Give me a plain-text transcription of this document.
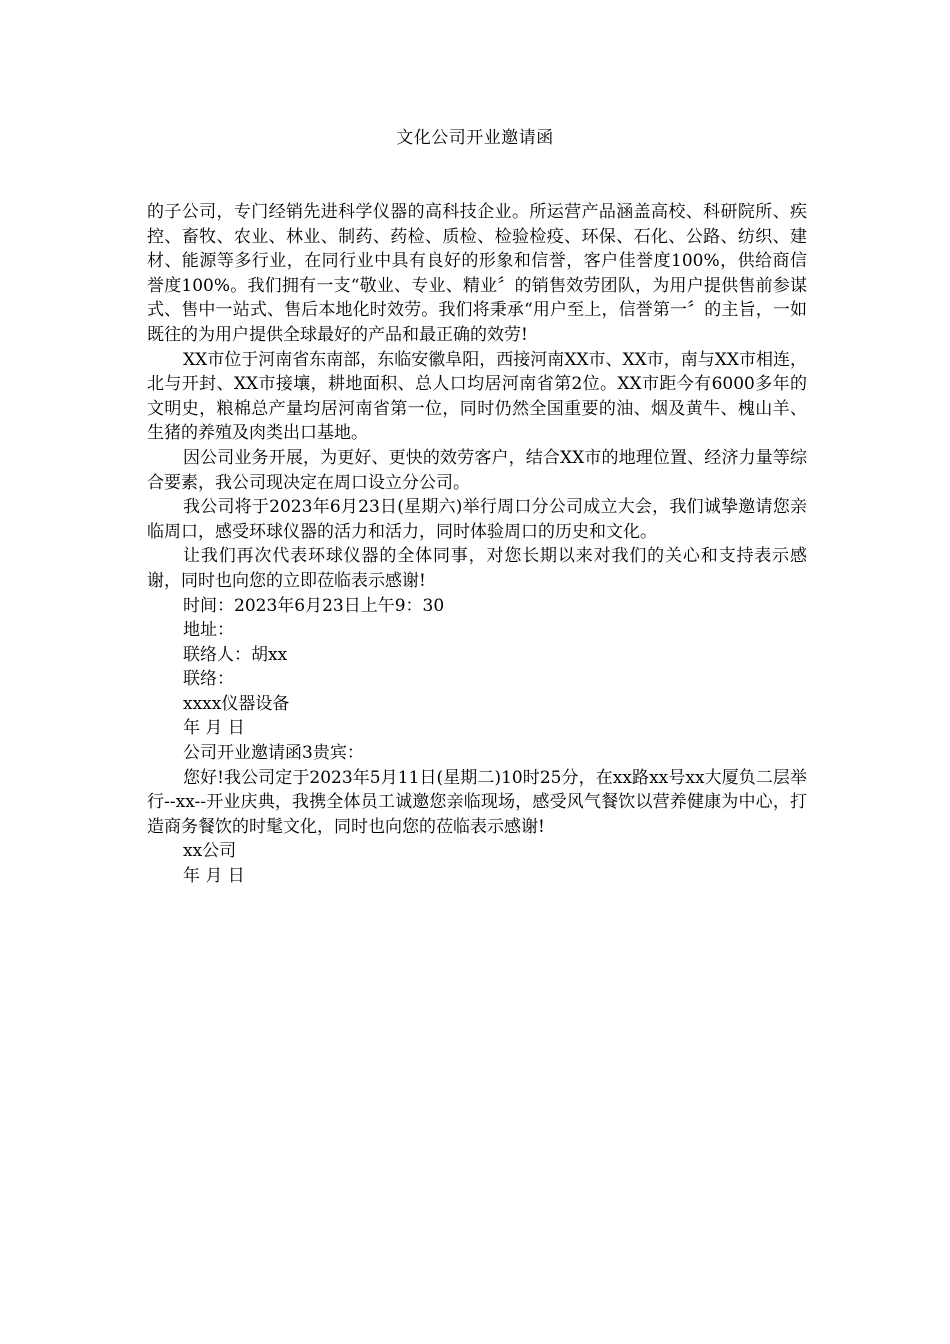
文化公司开业邀请函

的子公司，专门经销先进科学仪器的高科技企业。所运营产品涵盖高校、科研院所、疾控、畜牧、农业、林业、制药、药检、质检、检验检疫、环保、石化、公路、纺织、建材、能源等多行业，在同行业中具有良好的形象和信誉，客户佳誉度100%，供给商信誉度100%。我们拥有一支“敬业、专业、精业〞的销售效劳团队，为用户提供售前参谋式、售中一站式、售后本地化时效劳。我们将秉承“用户至上，信誉第一〞的主旨，一如既往的为用户提供全球最好的产品和最正确的效劳!

XX市位于河南省东南部，东临安徽阜阳，西接河南XX市、XX市，南与XX市相连，北与开封、XX市接壤，耕地面积、总人口均居河南省第2位。XX市距今有6000多年的文明史，粮棉总产量均居河南省第一位，同时仍然全国重要的油、烟及黄牛、槐山羊、生猪的养殖及肉类出口基地。

因公司业务开展，为更好、更快的效劳客户，结合XX市的地理位置、经济力量等综合要素，我公司现决定在周口设立分公司。

我公司将于2023年6月23日(星期六)举行周口分公司成立大会，我们诚挚邀请您亲临周口，感受环球仪器的活力和活力，同时体验周口的历史和文化。

让我们再次代表环球仪器的全体同事，对您长期以来对我们的关心和支持表示感谢，同时也向您的立即莅临表示感谢!

时间：2023年6月23日上午9：30

地址：

联络人：胡xx

联络：

xxxx仪器设备

年 月 日

公司开业邀请函3贵宾：

您好!我公司定于2023年5月11日(星期二)10时25分，在xx路xx号xx大厦负二层举行--xx--开业庆典，我携全体员工诚邀您亲临现场，感受风气餐饮以营养健康为中心，打造商务餐饮的时髦文化，同时也向您的莅临表示感谢!

xx公司

年 月 日
